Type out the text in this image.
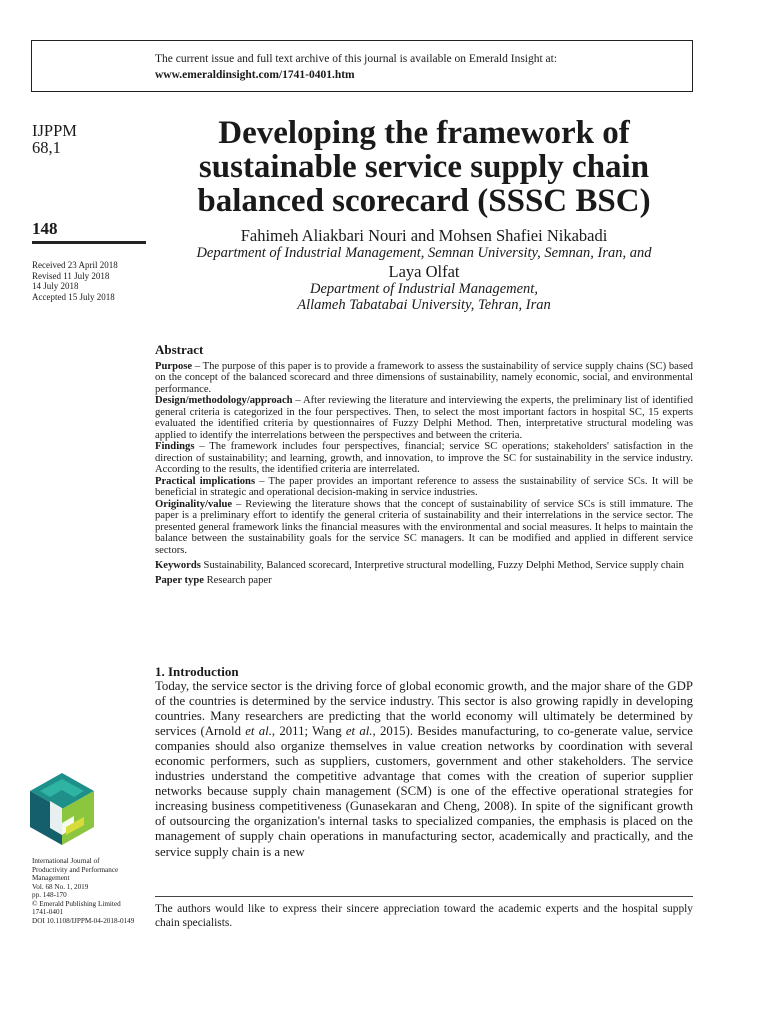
The current issue and full text archive of this journal is available on Emerald Insight at:
www.emeraldinsight.com/1741-0401.htm
IJPPM
68,1
148
Received 23 April 2018
Revised 11 July 2018
14 July 2018
Accepted 15 July 2018
Developing the framework of
sustainable service supply chain
balanced scorecard (SSSC BSC)
Fahimeh Aliakbari Nouri and Mohsen Shafiei Nikabadi
Department of Industrial Management, Semnan University, Semnan, Iran, and
Laya Olfat
Department of Industrial Management,
Allameh Tabatabai University, Tehran, Iran
Abstract

Purpose – The purpose of this paper is to provide a framework to assess the sustainability of service supply chains (SC) based on the concept of the balanced scorecard and three dimensions of sustainability, namely economic, social, and environmental performance.

Design/methodology/approach – After reviewing the literature and interviewing the experts, the preliminary list of identified general criteria is categorized in the four perspectives. Then, to select the most important factors in hospital SC, 15 experts evaluated the identified criteria by questionnaires of Fuzzy Delphi Method. Then, interpretative structural modeling was applied to identify the interrelations between the perspectives and between the criteria.

Findings – The framework includes four perspectives, financial; service SC operations; stakeholders' satisfaction in the direction of sustainability; and learning, growth, and innovation, to improve the SC for sustainability in the service industry. According to the results, the identified criteria are interrelated.

Practical implications – The paper provides an important reference to assess the sustainability of service SCs. It will be beneficial in strategic and operational decision-making in service industries.

Originality/value – Reviewing the literature shows that the concept of sustainability of service SCs is still immature. The paper is a preliminary effort to identify the general criteria of sustainability and their interrelations in the service sector. The presented general framework links the financial measures with the environmental and social measures. It helps to maintain the balance between the sustainability goals for the service SC managers. It can be modified and applied in different service sectors.

Keywords Sustainability, Balanced scorecard, Interpretive structural modelling, Fuzzy Delphi Method, Service supply chain

Paper type Research paper

1. Introduction
Today, the service sector is the driving force of global economic growth, and the major share of the GDP of the countries is determined by the service industry. This sector is also growing rapidly in developing countries. Many researchers are predicting that the world economy will ultimately be determined by services (Arnold et al., 2011; Wang et al., 2015). Besides manufacturing, to co-generate value, service companies should also organize themselves in value creation networks by coordination with several economic performers, such as suppliers, customers, government and other stakeholders. The service industries understand the competitive advantage that comes with the creation of superior supplier networks because supply chain management (SCM) is one of the effective operational strategies for increasing business competitiveness (Gunasekaran and Cheng, 2008). In spite of the significant growth of outsourcing the organization's internal tasks to specialized companies, the emphasis is placed on the management of supply chain operations in manufacturing sector, academically and practically, and the service supply chain is a new
The authors would like to express their sincere appreciation toward the academic experts and the hospital supply chain specialists.
International Journal of
Productivity and Performance
Management
Vol. 68 No. 1, 2019
pp. 148-170
© Emerald Publishing Limited
1741-0401
DOI 10.1108/IJPPM-04-2018-0149
